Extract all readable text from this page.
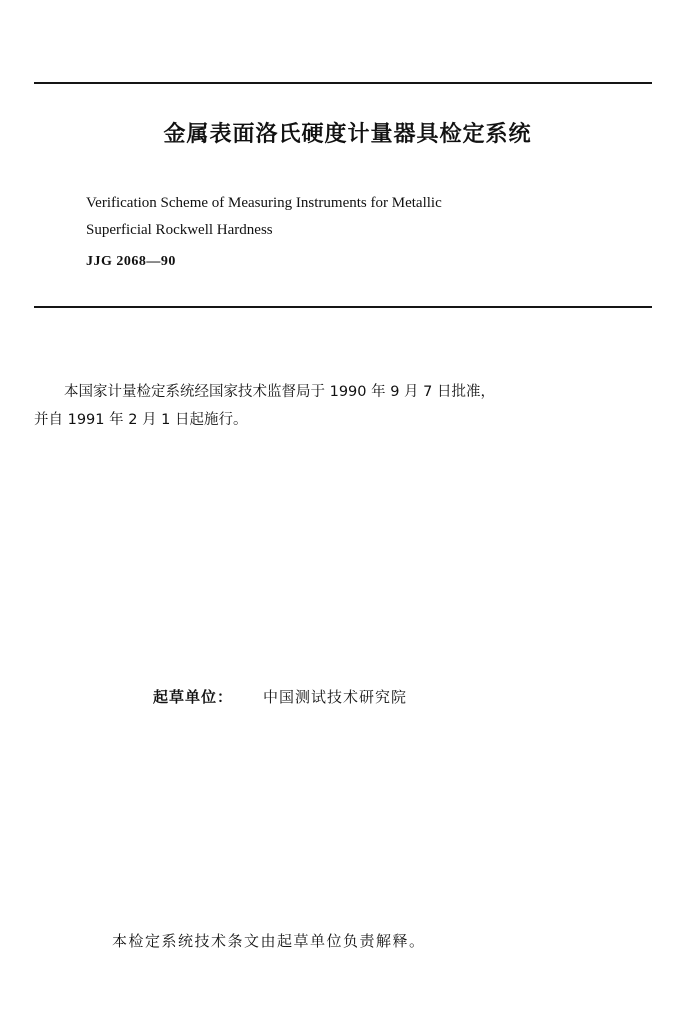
金属表面洛氏硬度计量器具检定系统
Verification Scheme of Measuring Instruments for Metallic
Superficial Rockwell Hardness
JJG 2068—90
本国家计量检定系统经国家技术监督局于 1990 年 9 月 7 日批准，
并自 1991 年 2 月 1 日起施行。
起草单位： 中国测试技术研究院
本检定系统技术条文由起草单位负责解释。
